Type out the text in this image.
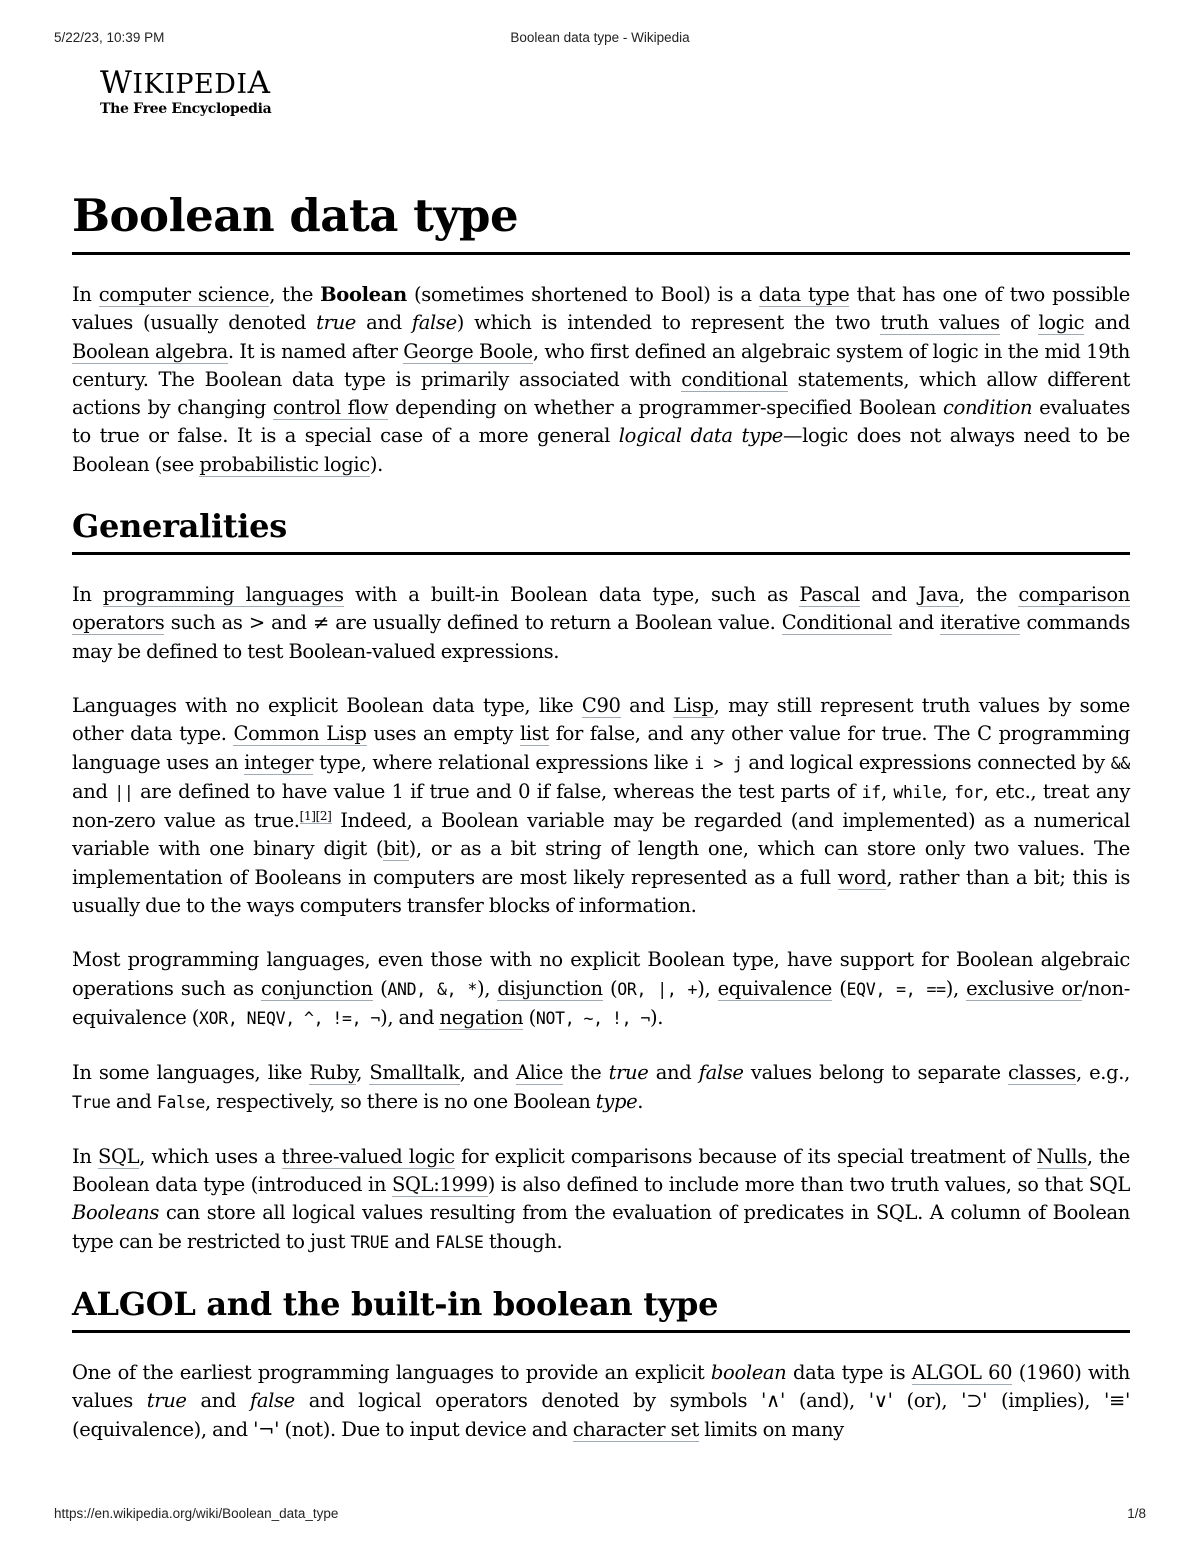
5/22/23, 10:39 PM	Boolean data type - Wikipedia
WIKIPEDIA
The Free Encyclopedia
Boolean data type

In computer science, the Boolean (sometimes shortened to Bool) is a data type that has one of two possible values (usually denoted true and false) which is intended to represent the two truth values of logic and Boolean algebra. It is named after George Boole, who first defined an algebraic system of logic in the mid 19th century. The Boolean data type is primarily associated with conditional statements, which allow different actions by changing control flow depending on whether a programmer-specified Boolean condition evaluates to true or false. It is a special case of a more general logical data type—logic does not always need to be Boolean (see probabilistic logic).

Generalities

In programming languages with a built-in Boolean data type, such as Pascal and Java, the comparison operators such as > and ≠ are usually defined to return a Boolean value. Conditional and iterative commands may be defined to test Boolean-valued expressions.

Languages with no explicit Boolean data type, like C90 and Lisp, may still represent truth values by some other data type. Common Lisp uses an empty list for false, and any other value for true. The C programming language uses an integer type, where relational expressions like i > j and logical expressions connected by && and || are defined to have value 1 if true and 0 if false, whereas the test parts of if, while, for, etc., treat any non-zero value as true.[1][2] Indeed, a Boolean variable may be regarded (and implemented) as a numerical variable with one binary digit (bit), or as a bit string of length one, which can store only two values. The implementation of Booleans in computers are most likely represented as a full word, rather than a bit; this is usually due to the ways computers transfer blocks of information.

Most programming languages, even those with no explicit Boolean type, have support for Boolean algebraic operations such as conjunction (AND, &, *), disjunction (OR, |, +), equivalence (EQV, =, ==), exclusive or/non-equivalence (XOR, NEQV, ^, !=, ¬), and negation (NOT, ~, !, ¬).

In some languages, like Ruby, Smalltalk, and Alice the true and false values belong to separate classes, e.g., True and False, respectively, so there is no one Boolean type.

In SQL, which uses a three-valued logic for explicit comparisons because of its special treatment of Nulls, the Boolean data type (introduced in SQL:1999) is also defined to include more than two truth values, so that SQL Booleans can store all logical values resulting from the evaluation of predicates in SQL. A column of Boolean type can be restricted to just TRUE and FALSE though.

ALGOL and the built-in boolean type

One of the earliest programming languages to provide an explicit boolean data type is ALGOL 60 (1960) with values true and false and logical operators denoted by symbols '∧' (and), '∨' (or), '⊃' (implies), '≡' (equivalence), and '¬' (not). Due to input device and character set limits on many

https://en.wikipedia.org/wiki/Boolean_data_type	1/8
